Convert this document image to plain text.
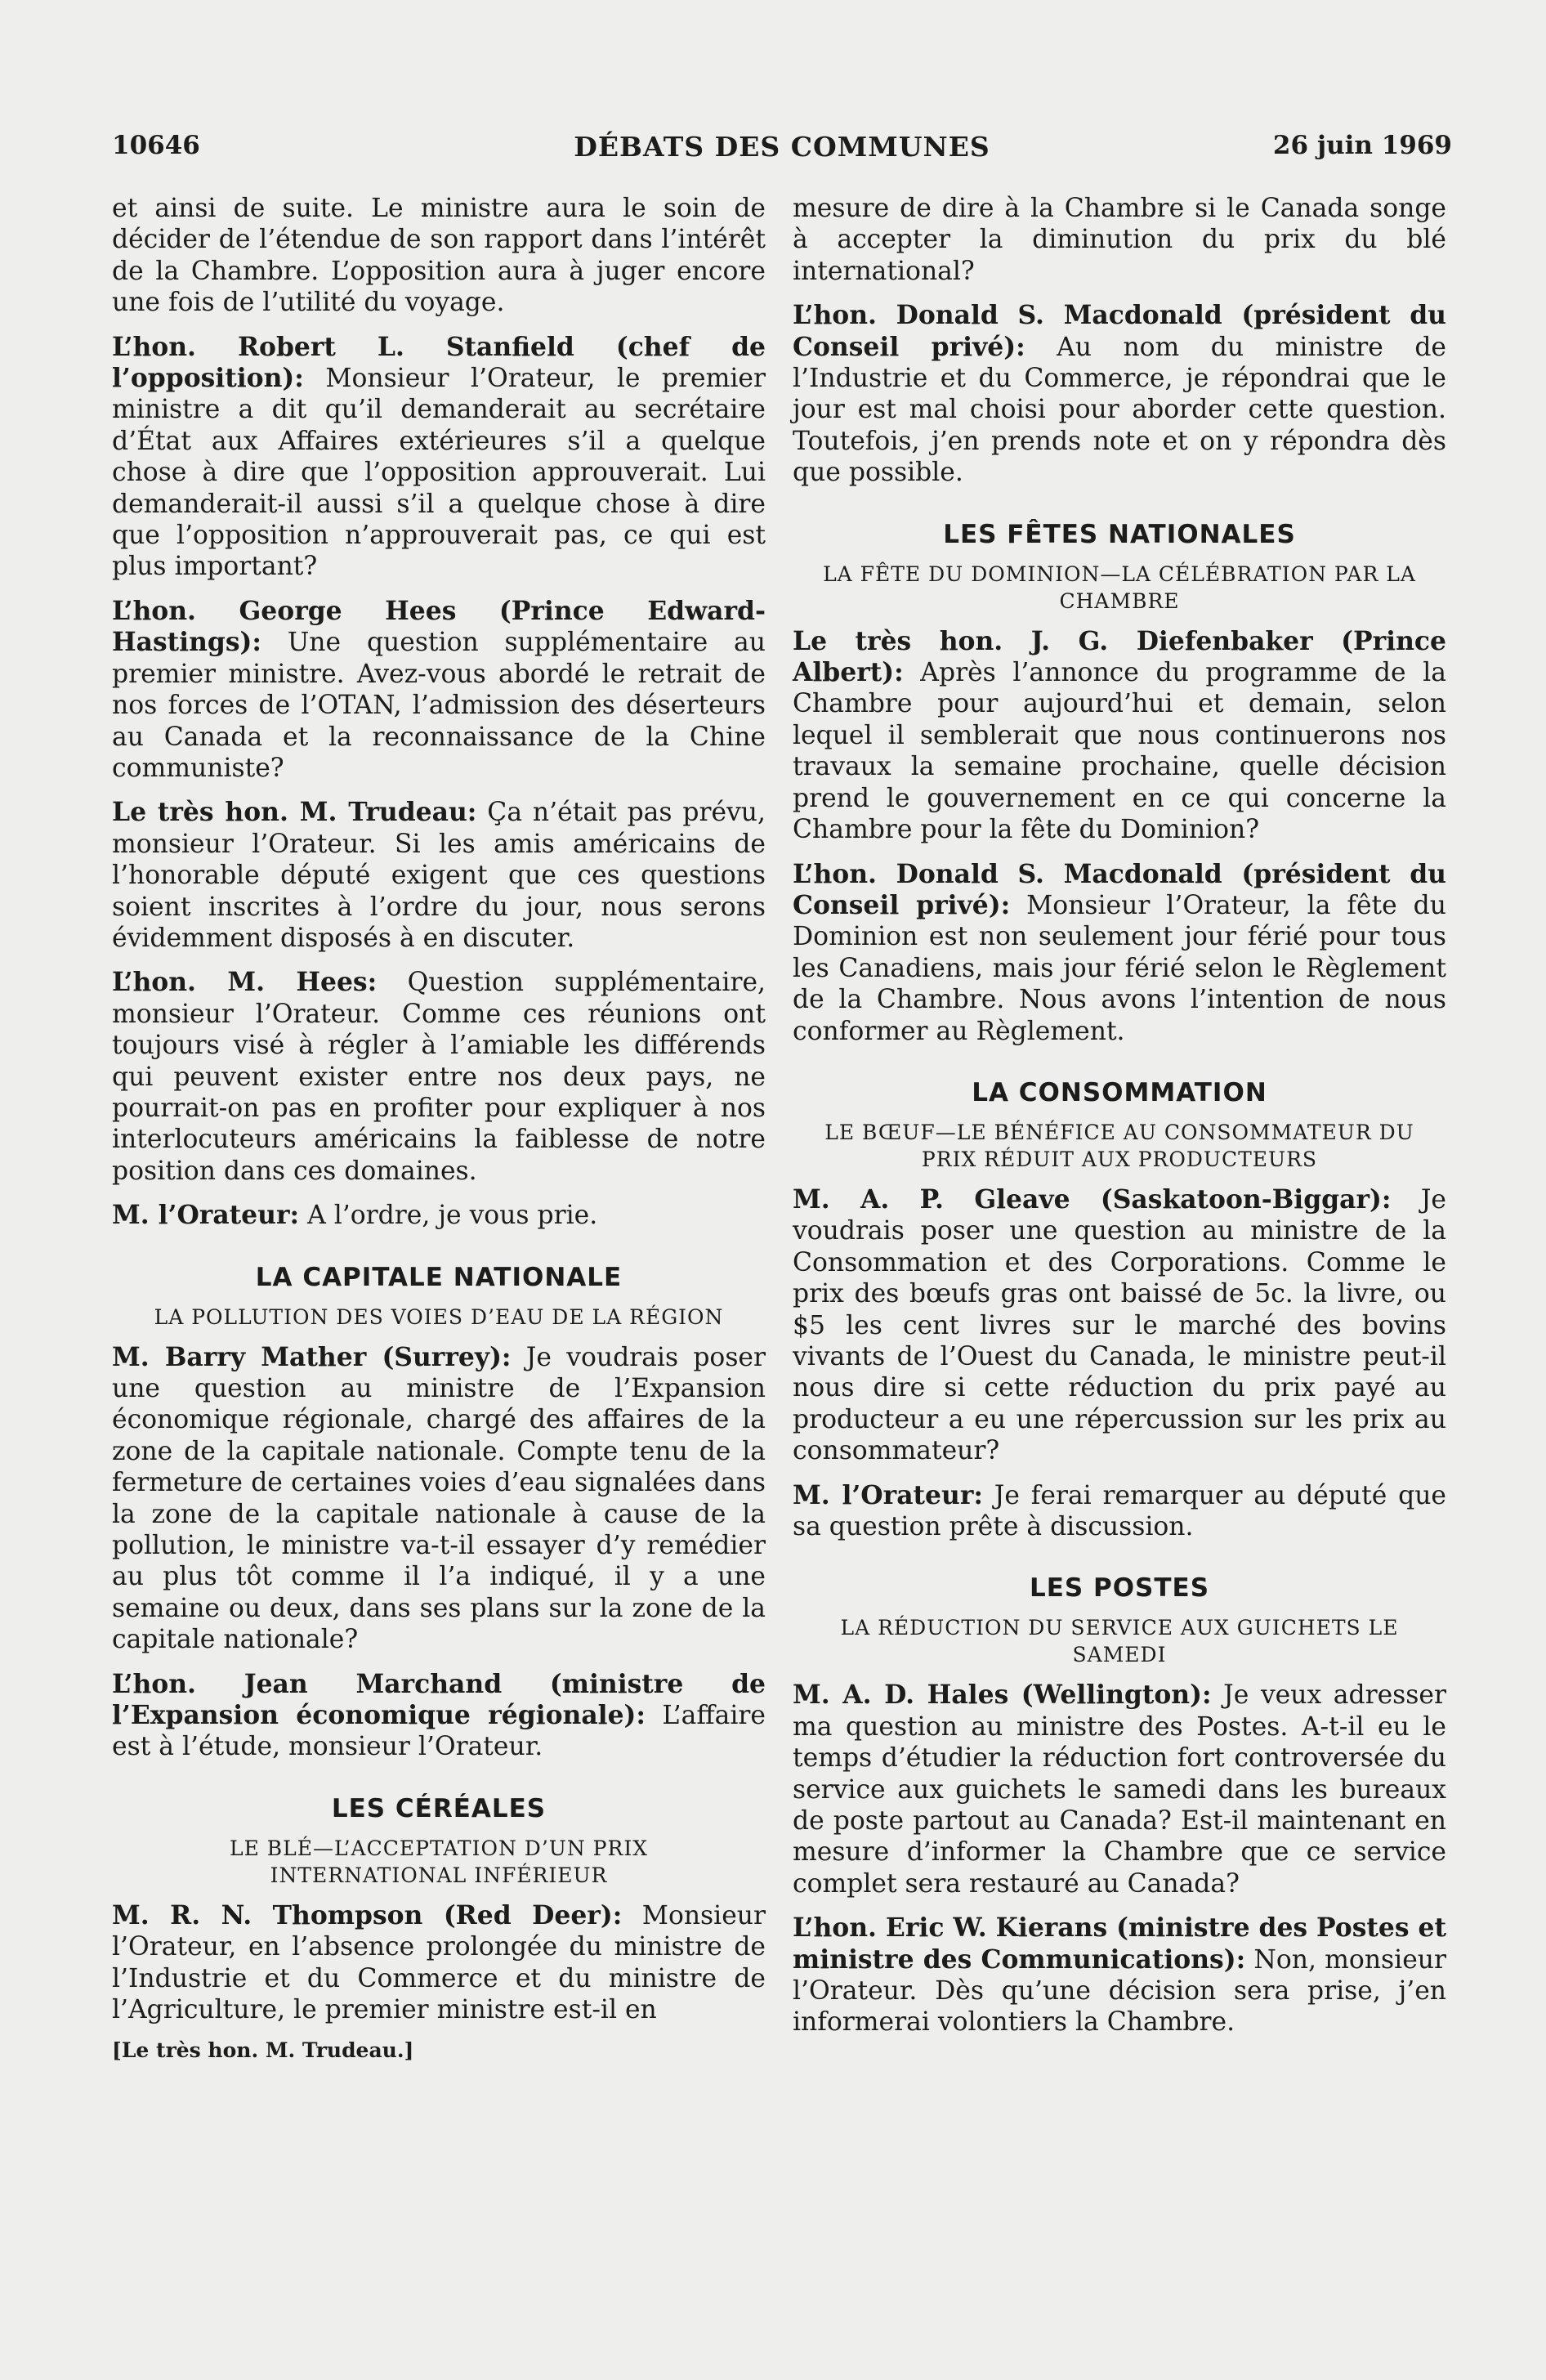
10646	DÉBATS DES COMMUNES	26 juin 1969

et ainsi de suite. Le ministre aura le soin de décider de l’étendue de son rapport dans l’intérêt de la Chambre. L’opposition aura à juger encore une fois de l’utilité du voyage.

L’hon. Robert L. Stanfield (chef de l’opposition): Monsieur l’Orateur, le premier ministre a dit qu’il demanderait au secrétaire d’État aux Affaires extérieures s’il a quelque chose à dire que l’opposition approuverait. Lui demanderait-il aussi s’il a quelque chose à dire que l’opposition n’approuverait pas, ce qui est plus important?

L’hon. George Hees (Prince Edward-Hastings): Une question supplémentaire au premier ministre. Avez-vous abordé le retrait de nos forces de l’OTAN, l’admission des déserteurs au Canada et la reconnaissance de la Chine communiste?

Le très hon. M. Trudeau: Ça n’était pas prévu, monsieur l’Orateur. Si les amis américains de l’honorable député exigent que ces questions soient inscrites à l’ordre du jour, nous serons évidemment disposés à en discuter.

L’hon. M. Hees: Question supplémentaire, monsieur l’Orateur. Comme ces réunions ont toujours visé à régler à l’amiable les différends qui peuvent exister entre nos deux pays, ne pourrait-on pas en profiter pour expliquer à nos interlocuteurs américains la faiblesse de notre position dans ces domaines.

M. l’Orateur: A l’ordre, je vous prie.

LA CAPITALE NATIONALE
LA POLLUTION DES VOIES D’EAU DE LA RÉGION

M. Barry Mather (Surrey): Je voudrais poser une question au ministre de l’Expansion économique régionale, chargé des affaires de la zone de la capitale nationale. Compte tenu de la fermeture de certaines voies d’eau signalées dans la zone de la capitale nationale à cause de la pollution, le ministre va-t-il essayer d’y remédier au plus tôt comme il l’a indiqué, il y a une semaine ou deux, dans ses plans sur la zone de la capitale nationale?

L’hon. Jean Marchand (ministre de l’Expansion économique régionale): L’affaire est à l’étude, monsieur l’Orateur.

LES CÉRÉALES
LE BLÉ—L’ACCEPTATION D’UN PRIX INTERNATIONAL INFÉRIEUR

M. R. N. Thompson (Red Deer): Monsieur l’Orateur, en l’absence prolongée du ministre de l’Industrie et du Commerce et du ministre de l’Agriculture, le premier ministre est-il en

[Le très hon. M. Trudeau.]

mesure de dire à la Chambre si le Canada songe à accepter la diminution du prix du blé international?

L’hon. Donald S. Macdonald (président du Conseil privé): Au nom du ministre de l’Industrie et du Commerce, je répondrai que le jour est mal choisi pour aborder cette question. Toutefois, j’en prends note et on y répondra dès que possible.

LES FÊTES NATIONALES
LA FÊTE DU DOMINION—LA CÉLÉBRATION PAR LA CHAMBRE

Le très hon. J. G. Diefenbaker (Prince Albert): Après l’annonce du programme de la Chambre pour aujourd’hui et demain, selon lequel il semblerait que nous continuerons nos travaux la semaine prochaine, quelle décision prend le gouvernement en ce qui concerne la Chambre pour la fête du Dominion?

L’hon. Donald S. Macdonald (président du Conseil privé): Monsieur l’Orateur, la fête du Dominion est non seulement jour férié pour tous les Canadiens, mais jour férié selon le Règlement de la Chambre. Nous avons l’intention de nous conformer au Règlement.

LA CONSOMMATION
LE BŒUF—LE BÉNÉFICE AU CONSOMMATEUR DU PRIX RÉDUIT AUX PRODUCTEURS

M. A. P. Gleave (Saskatoon-Biggar): Je voudrais poser une question au ministre de la Consommation et des Corporations. Comme le prix des bœufs gras ont baissé de 5c. la livre, ou $5 les cent livres sur le marché des bovins vivants de l’Ouest du Canada, le ministre peut-il nous dire si cette réduction du prix payé au producteur a eu une répercussion sur les prix au consommateur?

M. l’Orateur: Je ferai remarquer au député que sa question prête à discussion.

LES POSTES
LA RÉDUCTION DU SERVICE AUX GUICHETS LE SAMEDI

M. A. D. Hales (Wellington): Je veux adresser ma question au ministre des Postes. A-t-il eu le temps d’étudier la réduction fort controversée du service aux guichets le samedi dans les bureaux de poste partout au Canada? Est-il maintenant en mesure d’informer la Chambre que ce service complet sera restauré au Canada?

L’hon. Eric W. Kierans (ministre des Postes et ministre des Communications): Non, monsieur l’Orateur. Dès qu’une décision sera prise, j’en informerai volontiers la Chambre.
